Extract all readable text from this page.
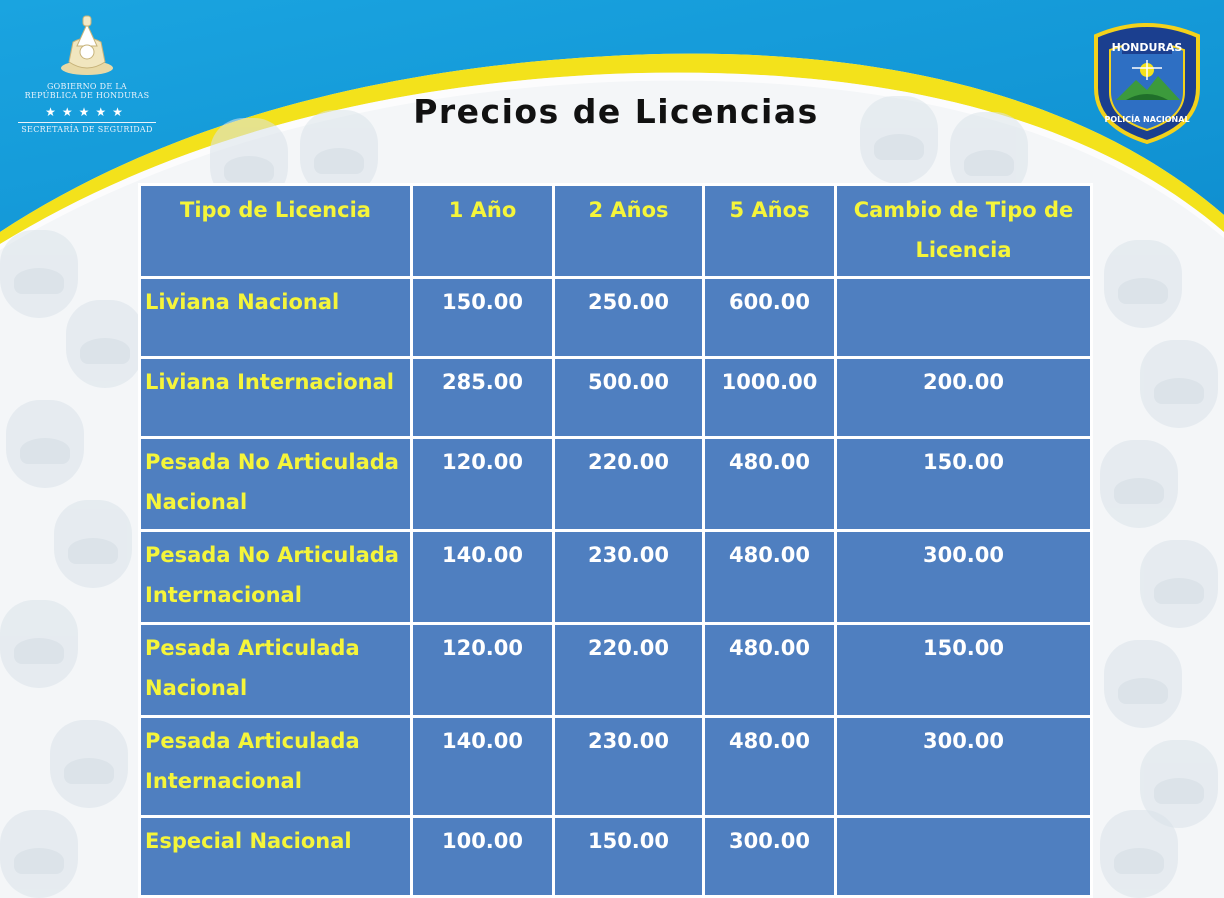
GOBIERNO DE LA
REPÚBLICA DE HONDURAS
★★★★★
SECRETARÍA DE SEGURIDAD
HONDURAS
POLICÍA NACIONAL
Precios de Licencias
Tipo de Licencia	1 Año	2 Años	5 Años	Cambio de Tipo de Licencia
Liviana Nacional	150.00	250.00	600.00	
Liviana Internacional	285.00	500.00	1000.00	200.00
Pesada No Articulada Nacional	120.00	220.00	480.00	150.00
Pesada No Articulada Internacional	140.00	230.00	480.00	300.00
Pesada Articulada Nacional	120.00	220.00	480.00	150.00
Pesada Articulada Internacional	140.00	230.00	480.00	300.00
Especial Nacional	100.00	150.00	300.00	
